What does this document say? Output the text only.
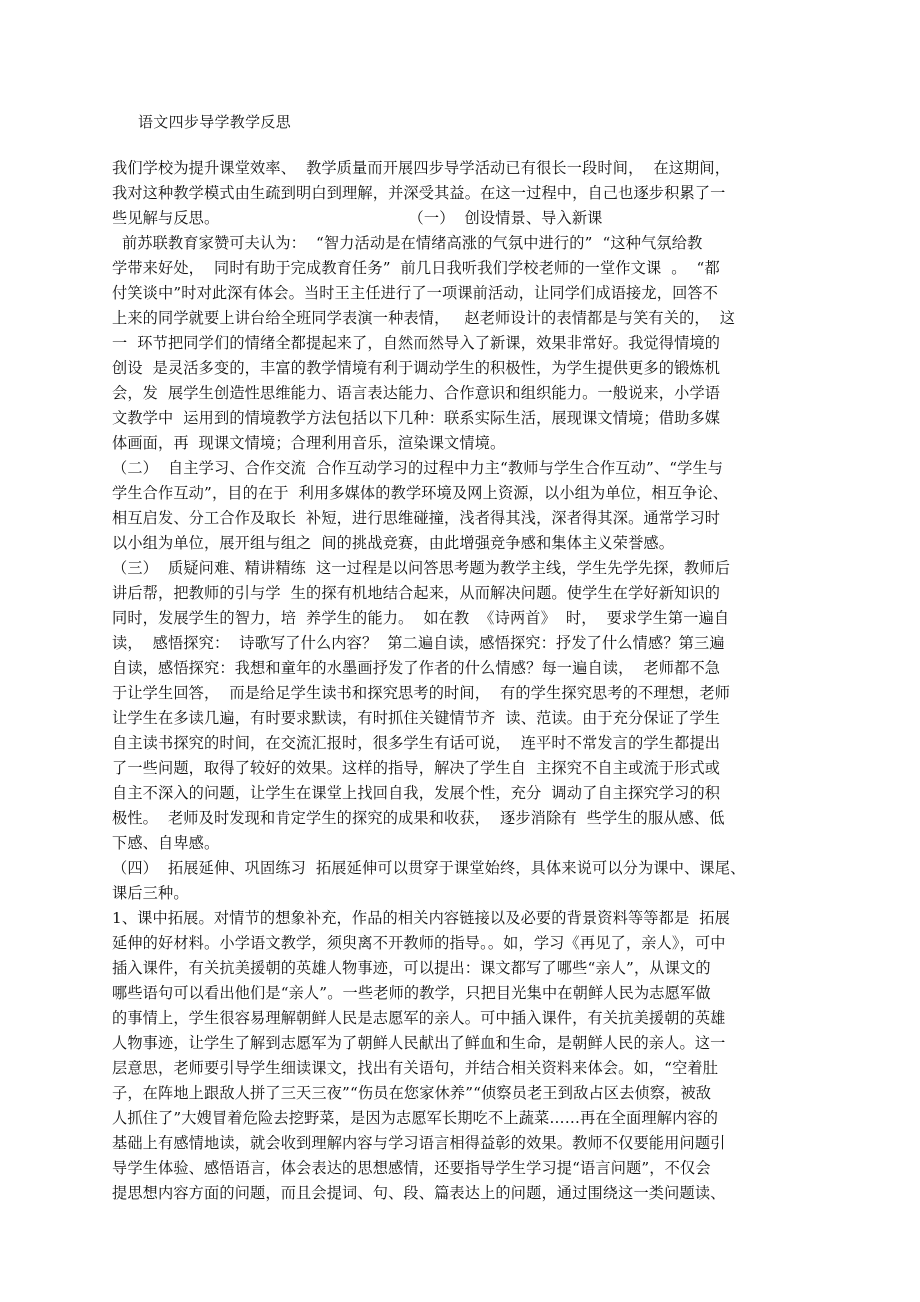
语文四步导学教学反思
我们学校为提升课堂效率、  教学质量而开展四步导学活动已有很长一段时间，  在这期间，
我对这种教学模式由生疏到明白到理解，并深受其益。在这一过程中，自己也逐步积累了一
些见解与反思。                                      （一）  创设情景、导入新课
前苏联教育家赞可夫认为：  “智力活动是在情绪高涨的气氛中进行的”  “这种气氛给教
学带来好处，  同时有助于完成教育任务”  前几日我听我们学校老师的一堂作文课  。  “都
付笑谈中”时对此深有体会。当时王主任进行了一项课前活动，让同学们成语接龙，回答不
上来的同学就要上讲台给全班同学表演一种表情，   赵老师设计的表情都是与笑有关的，  这
一  环节把同学们的情绪全都提起来了，自然而然导入了新课，效果非常好。我觉得情境的
创设  是灵活多变的，丰富的教学情境有利于调动学生的积极性，为学生提供更多的锻炼机
会，发  展学生创造性思维能力、语言表达能力、合作意识和组织能力。一般说来，小学语
文教学中  运用到的情境教学方法包括以下几种：联系实际生活，展现课文情境；借助多媒
体画面，再  现课文情境；合理利用音乐，渲染课文情境。
（二）  自主学习、合作交流  合作互动学习的过程中力主“教师与学生合作互动”、“学生与
学生合作互动”，目的在于  利用多媒体的教学环境及网上资源，以小组为单位，相互争论、
相互启发、分工合作及取长  补短，进行思维碰撞，浅者得其浅，深者得其深。通常学习时
以小组为单位，展开组与组之  间的挑战竞赛，由此增强竞争感和集体主义荣誉感。
（三）  质疑问难、精讲精练  这一过程是以问答思考题为教学主线，学生先学先探，教师后
讲后帮，把教师的引与学  生的探有机地结合起来，从而解决问题。使学生在学好新知识的
同时，发展学生的智力，培  养学生的能力。  如在教  《诗两首》  时，  要求学生第一遍自
读，  感悟探究：  诗歌写了什么内容？  第二遍自读，感悟探究：抒发了什么情感？第三遍
自读，感悟探究：我想和童年的水墨画抒发了作者的什么情感？每一遍自读，  老师都不急
于让学生回答，  而是给足学生读书和探究思考的时间，  有的学生探究思考的不理想，老师
让学生在多读几遍，有时要求默读，有时抓住关键情节齐  读、范读。由于充分保证了学生
自主读书探究的时间，在交流汇报时，很多学生有话可说，  连平时不常发言的学生都提出
了一些问题，取得了较好的效果。这样的指导，解决了学生自  主探究不自主或流于形式或
自主不深入的问题，让学生在课堂上找回自我，发展个性，充分  调动了自主探究学习的积
极性。  老师及时发现和肯定学生的探究的成果和收获，  逐步消除有  些学生的服从感、低
下感、自卑感。
（四）  拓展延伸、巩固练习  拓展延伸可以贯穿于课堂始终，具体来说可以分为课中、课尾、
课后三种。
1、课中拓展。对情节的想象补充，作品的相关内容链接以及必要的背景资料等等都是  拓展
延伸的好材料。小学语文教学，须臾离不开教师的指导。。如，学习《再见了，亲人》，可中
插入课件，有关抗美援朝的英雄人物事迹，可以提出：课文都写了哪些“亲人”，从课文的
哪些语句可以看出他们是“亲人”。一些老师的教学，只把目光集中在朝鲜人民为志愿军做
的事情上，学生很容易理解朝鲜人民是志愿军的亲人。可中插入课件，有关抗美援朝的英雄
人物事迹，让学生了解到志愿军为了朝鲜人民献出了鲜血和生命，是朝鲜人民的亲人。这一
层意思，老师要引导学生细读课文，找出有关语句，并结合相关资料来体会。如，“空着肚
子，在阵地上跟敌人拼了三天三夜”“伤员在您家休养”“侦察员老王到敌占区去侦察，被敌
人抓住了”大嫂冒着危险去挖野菜，是因为志愿军长期吃不上蔬菜……再在全面理解内容的
基础上有感情地读，就会收到理解内容与学习语言相得益彰的效果。教师不仅要能用问题引
导学生体验、感悟语言，体会表达的思想感情，还要指导学生学习提“语言问题”，不仅会
提思想内容方面的问题，而且会提词、句、段、篇表达上的问题，通过围绕这一类问题读、
